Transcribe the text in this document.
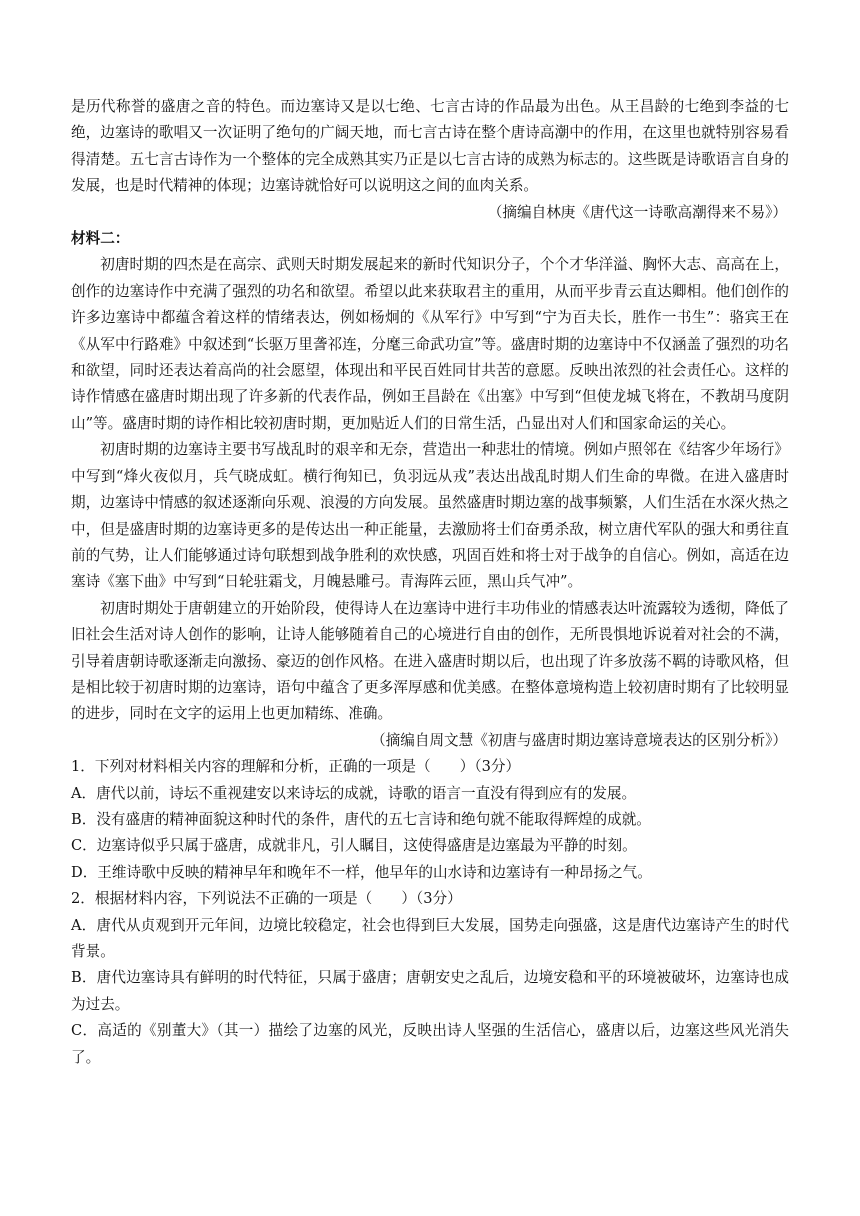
是历代称誉的盛唐之音的特色。而边塞诗又是以七绝、七言古诗的作品最为出色。从王昌龄的七绝到李益的七绝，边塞诗的歌唱又一次证明了绝句的广阔天地，而七言古诗在整个唐诗高潮中的作用，在这里也就特别容易看得清楚。五七言古诗作为一个整体的完全成熟其实乃正是以七言古诗的成熟为标志的。这些既是诗歌语言自身的发展，也是时代精神的体现；边塞诗就恰好可以说明这之间的血肉关系。

（摘编自林庚《唐代这一诗歌高潮得来不易》）

材料二：

初唐时期的四杰是在高宗、武则天时期发展起来的新时代知识分子，个个才华洋溢、胸怀大志、高高在上，创作的边塞诗作中充满了强烈的功名和欲望。希望以此来获取君主的重用，从而平步青云直达卿相。他们创作的许多边塞诗中都蕴含着这样的情绪表达，例如杨炯的《从军行》中写到“宁为百夫长，胜作一书生”：骆宾王在《从军中行路难》中叙述到“长驱万里詟祁连，分麾三命武功宣”等。盛唐时期的边塞诗中不仅涵盖了强烈的功名和欲望，同时还表达着高尚的社会愿望，体现出和平民百姓同甘共苦的意愿。反映出浓烈的社会责任心。这样的诗作情感在盛唐时期出现了许多新的代表作品，例如王昌龄在《出塞》中写到“但使龙城飞将在，不教胡马度阴山”等。盛唐时期的诗作相比较初唐时期，更加贴近人们的日常生活，凸显出对人们和国家命运的关心。

初唐时期的边塞诗主要书写战乱时的艰辛和无奈，营造出一种悲壮的情境。例如卢照邻在《结客少年场行》中写到“烽火夜似月，兵气晓成虹。横行徇知已，负羽远从戎”表达出战乱时期人们生命的卑微。在进入盛唐时期，边塞诗中情感的叙述逐渐向乐观、浪漫的方向发展。虽然盛唐时期边塞的战事频繁，人们生活在水深火热之中，但是盛唐时期的边塞诗更多的是传达出一种正能量，去激励将士们奋勇杀敌，树立唐代军队的强大和勇往直前的气势，让人们能够通过诗句联想到战争胜利的欢快感，巩固百姓和将士对于战争的自信心。例如，高适在边塞诗《塞下曲》中写到“日轮驻霜戈，月魄悬雕弓。青海阵云匝，黑山兵气冲”。

初唐时期处于唐朝建立的开始阶段，使得诗人在边塞诗中进行丰功伟业的情感表达叶流露较为透彻，降低了旧社会生活对诗人创作的影响，让诗人能够随着自己的心境进行自由的创作，无所畏惧地诉说着对社会的不满，引导着唐朝诗歌逐渐走向激扬、豪迈的创作风格。在进入盛唐时期以后，也出现了许多放荡不羁的诗歌风格，但是相比较于初唐时期的边塞诗，语句中蕴含了更多浑厚感和优美感。在整体意境构造上较初唐时期有了比较明显的进步，同时在文字的运用上也更加精练、准确。

（摘编自周文慧《初唐与盛唐时期边塞诗意境表达的区别分析》）

1．下列对材料相关内容的理解和分析，正确的一项是（　　）（3分）

A．唐代以前，诗坛不重视建安以来诗坛的成就，诗歌的语言一直没有得到应有的发展。

B．没有盛唐的精神面貌这种时代的条件，唐代的五七言诗和绝句就不能取得辉煌的成就。

C．边塞诗似乎只属于盛唐，成就非凡，引人瞩目，这使得盛唐是边塞最为平静的时刻。

D．王维诗歌中反映的精神早年和晚年不一样，他早年的山水诗和边塞诗有一种昂扬之气。

2．根据材料内容，下列说法不正确的一项是（　　）（3分）

A．唐代从贞观到开元年间，边境比较稳定，社会也得到巨大发展，国势走向强盛，这是唐代边塞诗产生的时代背景。

B．唐代边塞诗具有鲜明的时代特征，只属于盛唐；唐朝安史之乱后，边境安稳和平的环境被破坏，边塞诗也成为过去。

C．高适的《别董大》（其一）描绘了边塞的风光，反映出诗人坚强的生活信心，盛唐以后，边塞这些风光消失了。
